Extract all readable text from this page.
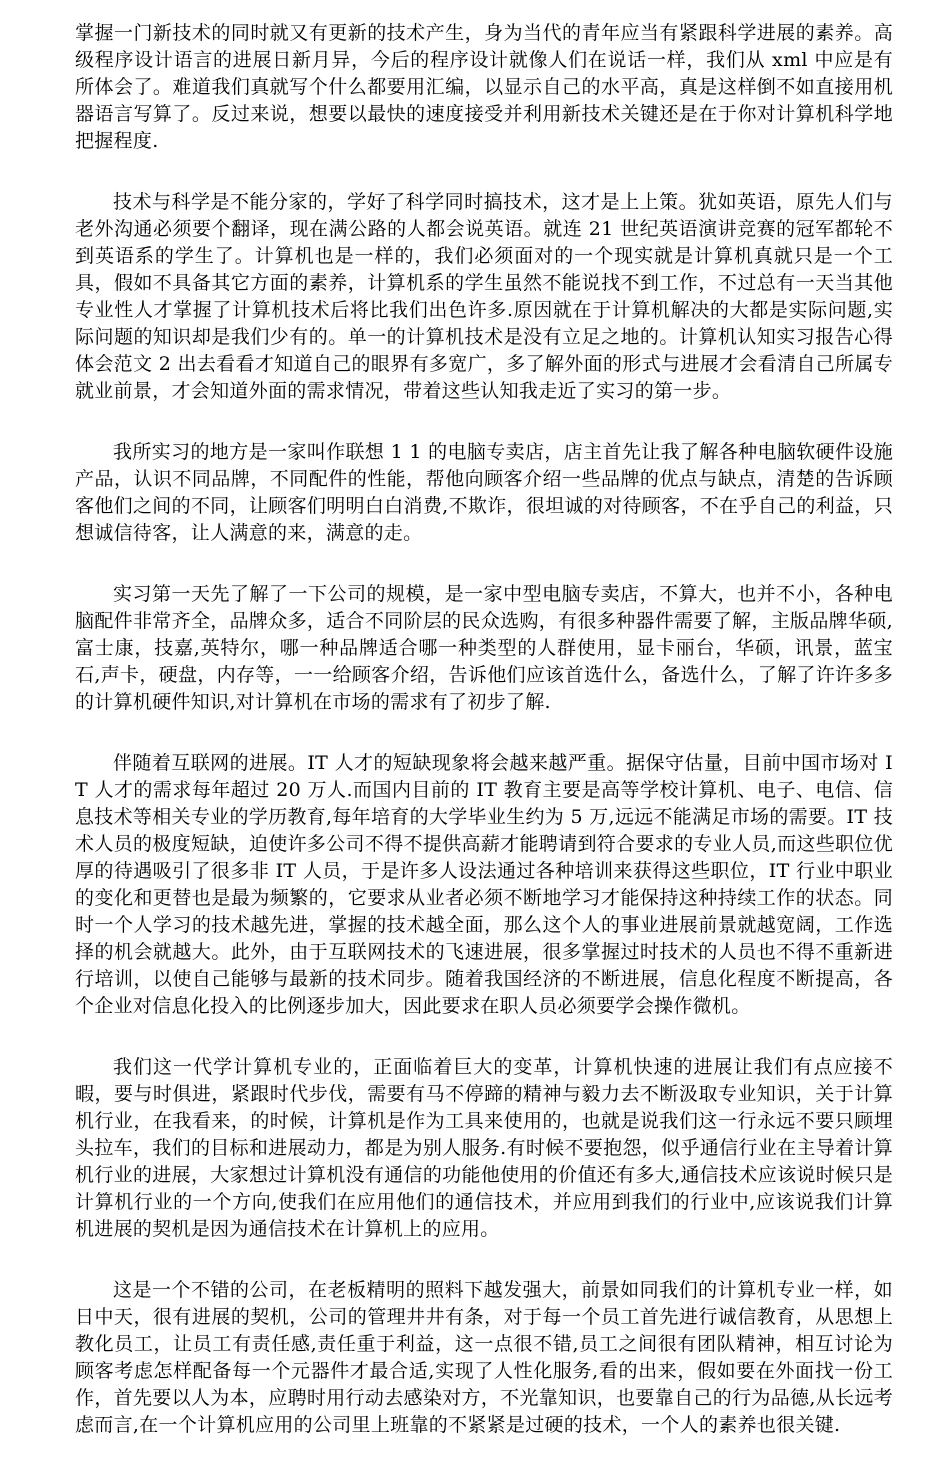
掌握一门新技术的同时就又有更新的技术产生，身为当代的青年应当有紧跟科学进展的素养。高级程序设计语言的进展日新月异，今后的程序设计就像人们在说话一样，我们从 xml 中应是有所体会了。难道我们真就写个什么都要用汇编，以显示自己的水平高，真是这样倒不如直接用机器语言写算了。反过来说，想要以最快的速度接受并利用新技术关键还是在于你对计算机科学地把握程度.

技术与科学是不能分家的，学好了科学同时搞技术，这才是上上策。犹如英语，原先人们与老外沟通必须要个翻译，现在满公路的人都会说英语。就连 21 世纪英语演讲竞赛的冠军都轮不到英语系的学生了。计算机也是一样的，我们必须面对的一个现实就是计算机真就只是一个工具，假如不具备其它方面的素养，计算机系的学生虽然不能说找不到工作，不过总有一天当其他专业性人才掌握了计算机技术后将比我们出色许多.原因就在于计算机解决的大都是实际问题,实际问题的知识却是我们少有的。单一的计算机技术是没有立足之地的。计算机认知实习报告心得体会范文 2 出去看看才知道自己的眼界有多宽广，多了解外面的形式与进展才会看清自己所属专就业前景，才会知道外面的需求情况，带着这些认知我走近了实习的第一步。

我所实习的地方是一家叫作联想 1 1 的电脑专卖店，店主首先让我了解各种电脑软硬件设施产品，认识不同品牌，不同配件的性能，帮他向顾客介绍一些品牌的优点与缺点，清楚的告诉顾客他们之间的不同，让顾客们明明白白消费,不欺诈，很坦诚的对待顾客，不在乎自己的利益，只想诚信待客，让人满意的来，满意的走。

实习第一天先了解了一下公司的规模，是一家中型电脑专卖店，不算大，也并不小，各种电脑配件非常齐全，品牌众多，适合不同阶层的民众选购，有很多种器件需要了解，主版品牌华硕,富士康，技嘉,英特尔，哪一种品牌适合哪一种类型的人群使用，显卡丽台，华硕，讯景，蓝宝石,声卡，硬盘，内存等，一一给顾客介绍，告诉他们应该首选什么，备选什么，了解了许许多多的计算机硬件知识,对计算机在市场的需求有了初步了解.

伴随着互联网的进展。IT 人才的短缺现象将会越来越严重。据保守估量，目前中国市场对 IT 人才的需求每年超过 20 万人.而国内目前的 IT 教育主要是高等学校计算机、电子、电信、信息技术等相关专业的学历教育,每年培育的大学毕业生约为 5 万,远远不能满足市场的需要。IT 技术人员的极度短缺，迫使许多公司不得不提供高薪才能聘请到符合要求的专业人员,而这些职位优厚的待遇吸引了很多非 IT 人员，于是许多人设法通过各种培训来获得这些职位，IT 行业中职业的变化和更替也是最为频繁的，它要求从业者必须不断地学习才能保持这种持续工作的状态。同时一个人学习的技术越先进，掌握的技术越全面，那么这个人的事业进展前景就越宽阔，工作选择的机会就越大。此外，由于互联网技术的飞速进展，很多掌握过时技术的人员也不得不重新进行培训，以使自己能够与最新的技术同步。随着我国经济的不断进展，信息化程度不断提高，各个企业对信息化投入的比例逐步加大，因此要求在职人员必须要学会操作微机。

我们这一代学计算机专业的，正面临着巨大的变革，计算机快速的进展让我们有点应接不暇，要与时俱进，紧跟时代步伐，需要有马不停蹄的精神与毅力去不断汲取专业知识，关于计算机行业，在我看来，的时候，计算机是作为工具来使用的，也就是说我们这一行永远不要只顾埋头拉车，我们的目标和进展动力，都是为别人服务.有时候不要抱怨，似乎通信行业在主导着计算机行业的进展，大家想过计算机没有通信的功能他使用的价值还有多大,通信技术应该说时候只是计算机行业的一个方向,使我们在应用他们的通信技术，并应用到我们的行业中,应该说我们计算机进展的契机是因为通信技术在计算机上的应用。

这是一个不错的公司，在老板精明的照料下越发强大，前景如同我们的计算机专业一样，如日中天，很有进展的契机，公司的管理井井有条，对于每一个员工首先进行诚信教育，从思想上教化员工，让员工有责任感,责任重于利益，这一点很不错,员工之间很有团队精神，相互讨论为顾客考虑怎样配备每一个元器件才最合适,实现了人性化服务,看的出来，假如要在外面找一份工作，首先要以人为本，应聘时用行动去感染对方，不光靠知识，也要靠自己的行为品德,从长远考虑而言,在一个计算机应用的公司里上班靠的不紧紧是过硬的技术，一个人的素养也很关键.
